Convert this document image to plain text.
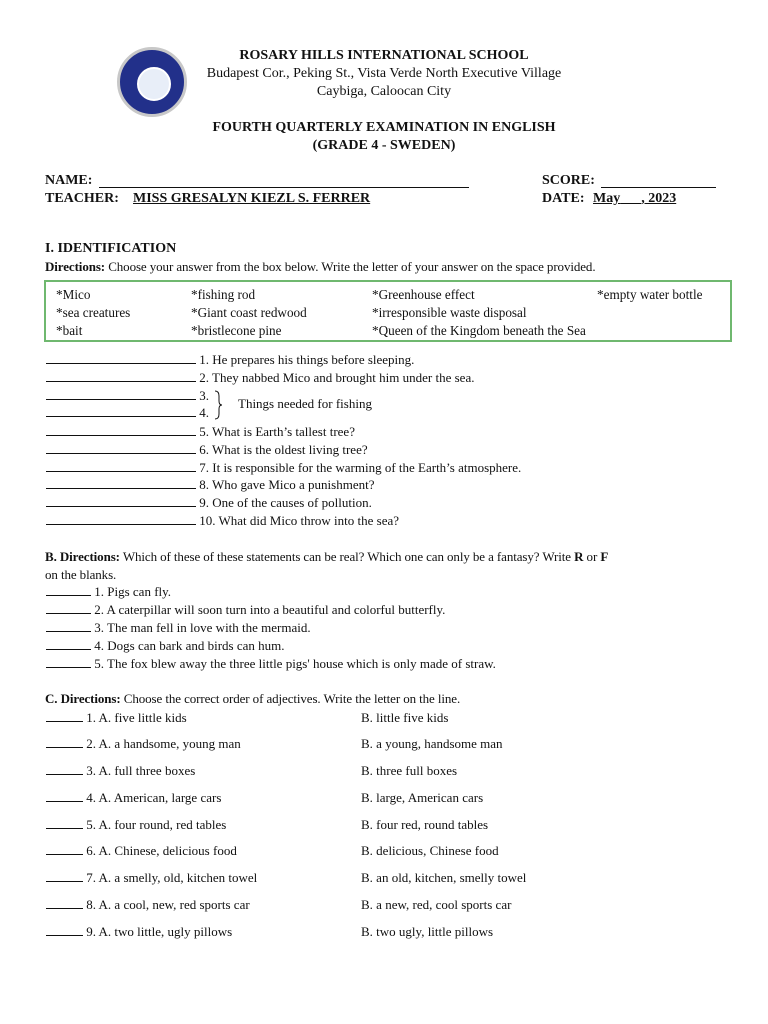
ROSARY HILLS INTERNATIONAL SCHOOL
Budapest Cor., Peking St., Vista Verde North Executive Village
Caybiga, Caloocan City
FOURTH QUARTERLY EXAMINATION IN ENGLISH
(GRADE 4 - SWEDEN)
NAME:	SCORE:
TEACHER: MISS GRESALYN KIEZL S. FERRER	DATE: May , 2023
I. IDENTIFICATION
Directions: Choose your answer from the box below. Write the letter of your answer on the space provided.
*Mico	*fishing rod	*Greenhouse effect	*empty water bottle
*sea creatures	*Giant coast redwood	*irresponsible waste disposal
*bait	*bristlecone pine	*Queen of the Kingdom beneath the Sea
1. He prepares his things before sleeping.
2. They nabbed Mico and brought him under the sea.
3.
4.
Things needed for fishing
5. What is Earth’s tallest tree?
6. What is the oldest living tree?
7. It is responsible for the warming of the Earth’s atmosphere.
8. Who gave Mico a punishment?
9. One of the causes of pollution.
10. What did Mico throw into the sea?
B. Directions: Which of these of these statements can be real? Which one can only be a fantasy? Write R or F
on the blanks.
1. Pigs can fly.
2. A caterpillar will soon turn into a beautiful and colorful butterfly.
3. The man fell in love with the mermaid.
4. Dogs can bark and birds can hum.
5. The fox blew away the three little pigs' house which is only made of straw.
C. Directions: Choose the correct order of adjectives. Write the letter on the line.
1. A. five little kids	B. little five kids
2. A. a handsome, young man	B. a young, handsome man
3. A. full three boxes	B. three full boxes
4. A. American, large cars	B. large, American cars
5. A. four round, red tables	B. four red, round tables
6. A. Chinese, delicious food	B. delicious, Chinese food
7. A. a smelly, old, kitchen towel	B. an old, kitchen, smelly towel
8. A. a cool, new, red sports car	B. a new, red, cool sports car
9. A. two little, ugly pillows	B. two ugly, little pillows
